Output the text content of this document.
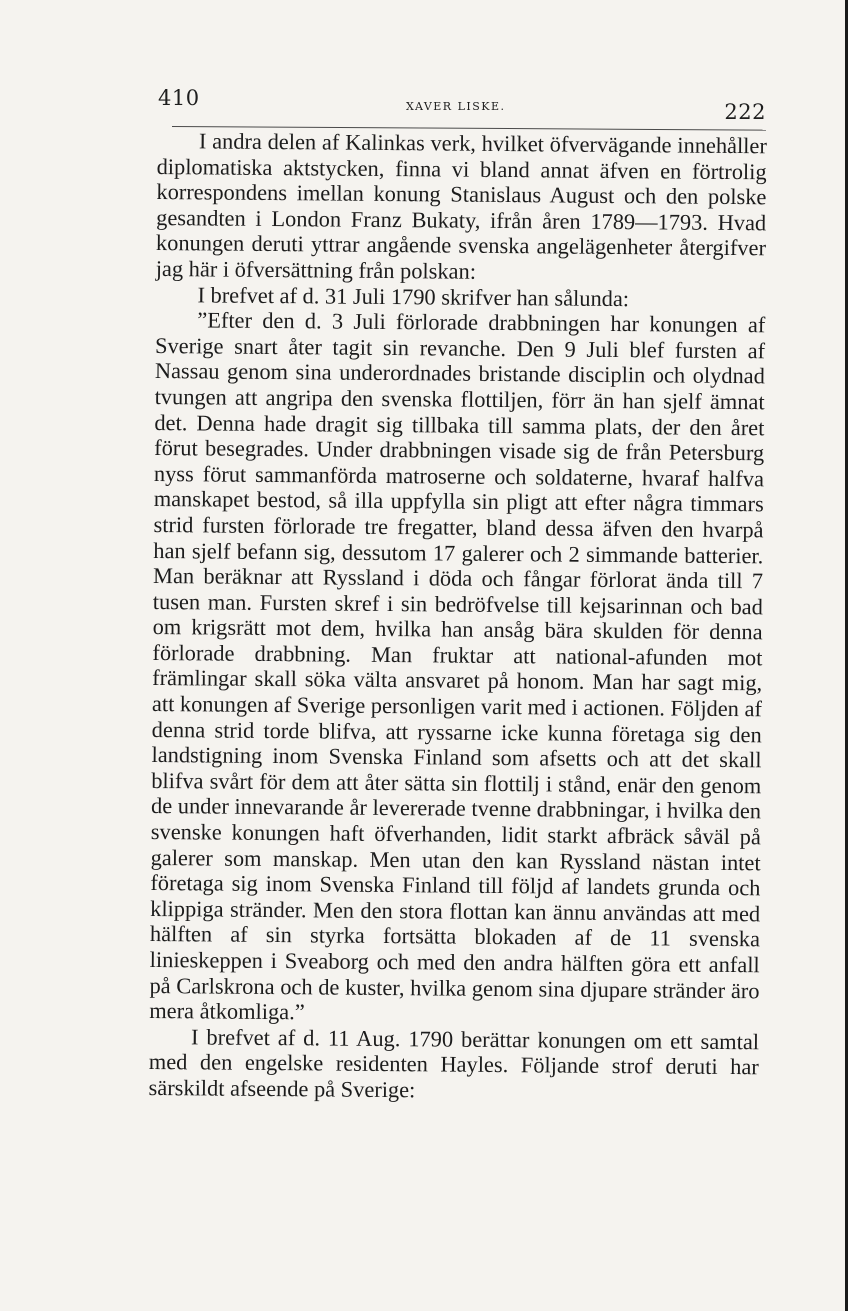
410	XAVER LISKE.	222

I andra delen af Kalinkas verk, hvilket öfvervägande innehåller diplomatiska aktstycken, finna vi bland annat äfven en förtrolig korrespondens imellan konung Stanislaus August och den polske gesandten i London Franz Bukaty, ifrån åren 1789—1793. Hvad konungen deruti yttrar angående svenska angelägenheter återgifver jag här i öfversättning från polskan:

I brefvet af d. 31 Juli 1790 skrifver han sålunda:

”Efter den d. 3 Juli förlorade drabbningen har konungen af Sverige snart åter tagit sin revanche. Den 9 Juli blef fursten af Nassau genom sina underordnades bristande disciplin och olydnad tvungen att angripa den svenska flottiljen, förr än han sjelf ämnat det. Denna hade dragit sig tillbaka till samma plats, der den året förut besegrades. Under drabbningen visade sig de från Petersburg nyss förut sammanförda matroserne och soldaterne, hvaraf halfva manskapet bestod, så illa uppfylla sin pligt att efter några timmars strid fursten förlorade tre fregatter, bland dessa äfven den hvarpå han sjelf befann sig, dessutom 17 galerer och 2 simmande batterier. Man beräknar att Ryssland i döda och fångar förlorat ända till 7 tusen man. Fursten skref i sin bedröfvelse till kejsarinnan och bad om krigsrätt mot dem, hvilka han ansåg bära skulden för denna förlorade drabbning. Man fruktar att national-afunden mot främlingar skall söka välta ansvaret på honom. Man har sagt mig, att konungen af Sverige personligen varit med i actionen. Följden af denna strid torde blifva, att ryssarne icke kunna företaga sig den landstigning inom Svenska Finland som afsetts och att det skall blifva svårt för dem att åter sätta sin flottilj i stånd, enär den genom de under innevarande år levererade tvenne drabbningar, i hvilka den svenske konungen haft öfverhanden, lidit starkt afbräck såväl på galerer som manskap. Men utan den kan Ryssland nästan intet företaga sig inom Svenska Finland till följd af landets grunda och klippiga stränder. Men den stora flottan kan ännu användas att med hälften af sin styrka fortsätta blokaden af de 11 svenska linieskeppen i Sveaborg och med den andra hälften göra ett anfall på Carlskrona och de kuster, hvilka genom sina djupare stränder äro mera åtkomliga.”

I brefvet af d. 11 Aug. 1790 berättar konungen om ett samtal med den engelske residenten Hayles. Följande strof deruti har särskildt afseende på Sverige:
